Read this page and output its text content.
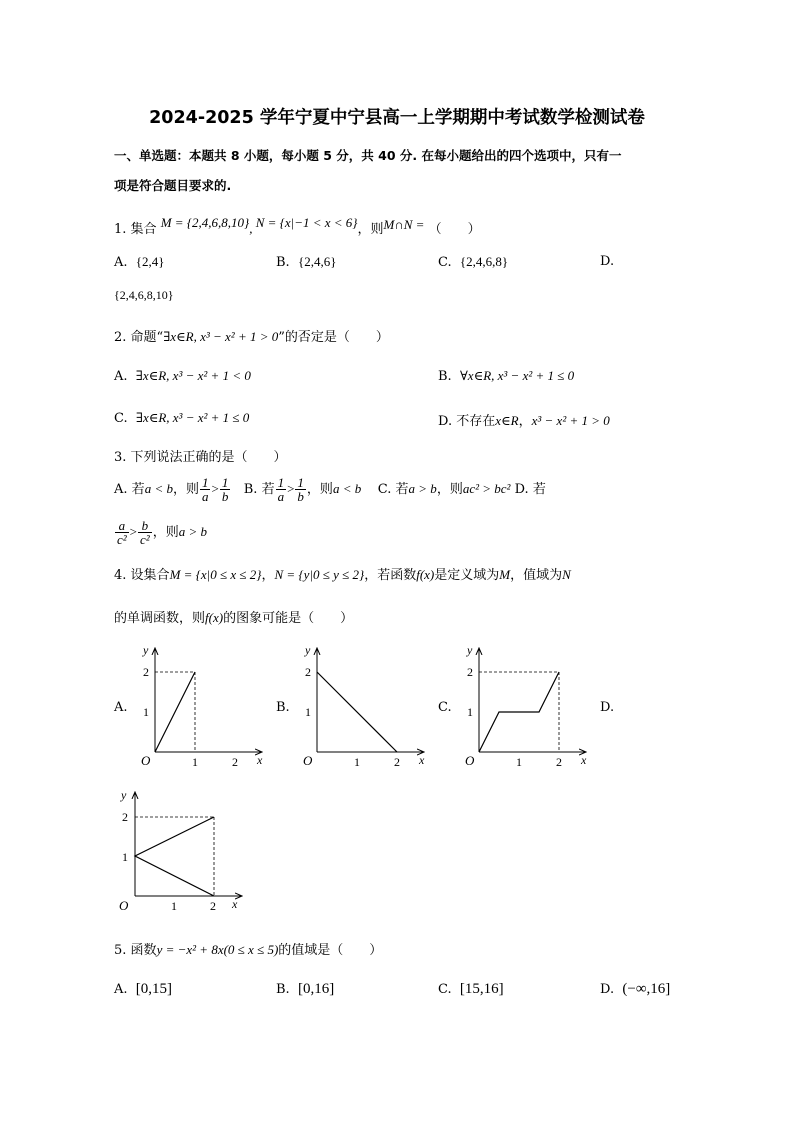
2024-2025 学年宁夏中宁县高一上学期期中考试数学检测试卷
一、单选题：本题共 8 小题，每小题 5 分，共 40 分. 在每小题给出的四个选项中，只有一
项是符合题目要求的.
1. 集合 M = {2,4,6,8,10}, N = {x|−1 < x < 6}，则M∩N = （　　）
A. {2,4}	B. {2,4,6}	C. {2,4,6,8}	D.
{2,4,6,8,10}
2. 命题“∃x∈R, x³ − x² + 1 > 0”的否定是（　　）
A. ∃x∈R, x³ − x² + 1 < 0	B. ∀x∈R, x³ − x² + 1 ≤ 0
C. ∃x∈R, x³ − x² + 1 ≤ 0	D. 不存在x∈R，x³ − x² + 1 > 0
3. 下列说法正确的是（　　）
A. 若a < b，则 $\frac{1}{a} > \frac{1}{b} B$. 若 $\frac{1}{a} > \frac{1}{b}$ ，则a < b C. 若a > b，则ac² > bc² D. 若
$\frac{a}{\text{c²}} > \frac{b}{\text{c²}}$ ，则a > b
4. 设集合M = {x|0 ≤ x ≤ 2}，N = {y|0 ≤ y ≤ 2}，若函数f(x)是定义域为M，值域为N
的单调函数，则f(x)的图象可能是（　　）
A.	B.	C.	D.
y
x
O
2
1
1	2
y
x
O
2
1
1	2
y
x
O
2
1
1	2
y
x
O
2
1
1	2
5. 函数y = −x² + 8x(0 ≤ x ≤ 5)的值域是（　　）
A. [0,15]	B. [0,16]	C. [15,16]	D. (−∞,16]
